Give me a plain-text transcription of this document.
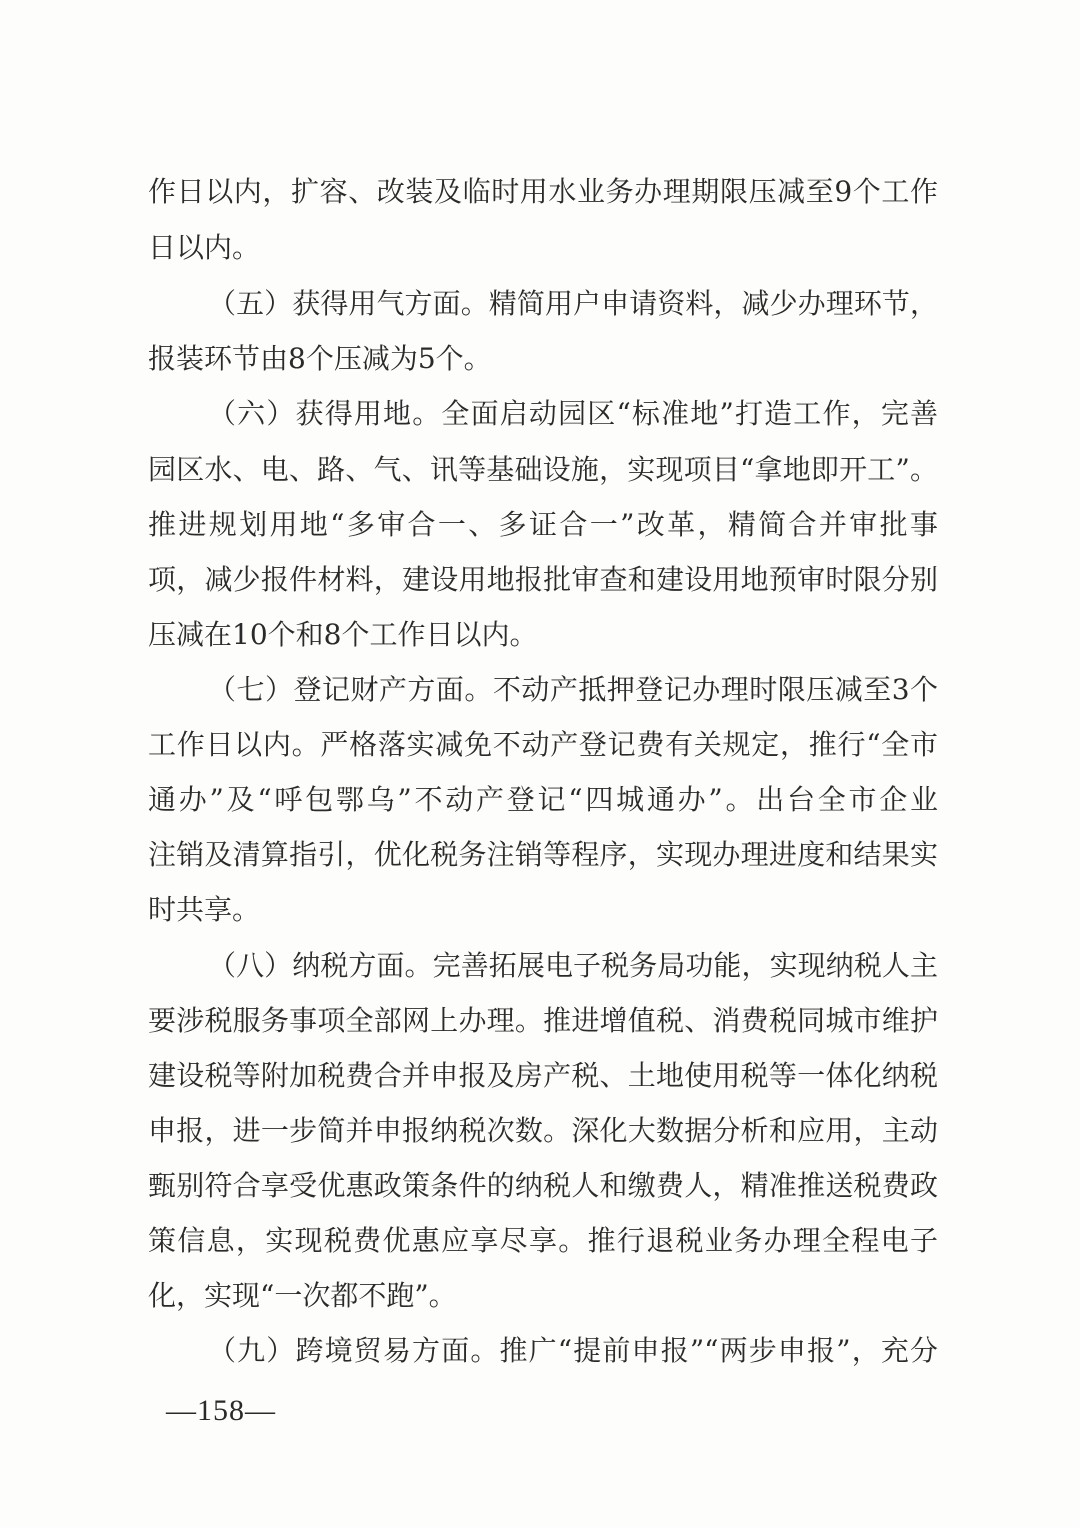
作日以内，扩容、改装及临时用水业务办理期限压减至9个工作
日以内。
（五）获得用气方面。精简用户申请资料，减少办理环节，
报装环节由8个压减为5个。
（六）获得用地。全面启动园区“标准地”打造工作，完善
园区水、电、路、气、讯等基础设施，实现项目“拿地即开工”。
推进规划用地“多审合一、多证合一”改革，精简合并审批事
项，减少报件材料，建设用地报批审查和建设用地预审时限分别
压减在10个和8个工作日以内。
（七）登记财产方面。不动产抵押登记办理时限压减至3个
工作日以内。严格落实减免不动产登记费有关规定，推行“全市
通办”及“呼包鄂乌”不动产登记“四城通办”。出台全市企业
注销及清算指引，优化税务注销等程序，实现办理进度和结果实
时共享。
（八）纳税方面。完善拓展电子税务局功能，实现纳税人主
要涉税服务事项全部网上办理。推进增值税、消费税同城市维护
建设税等附加税费合并申报及房产税、土地使用税等一体化纳税
申报，进一步简并申报纳税次数。深化大数据分析和应用，主动
甄别符合享受优惠政策条件的纳税人和缴费人，精准推送税费政
策信息，实现税费优惠应享尽享。推行退税业务办理全程电子
化，实现“一次都不跑”。
（九）跨境贸易方面。推广“提前申报”“两步申报”，充分
—158—
